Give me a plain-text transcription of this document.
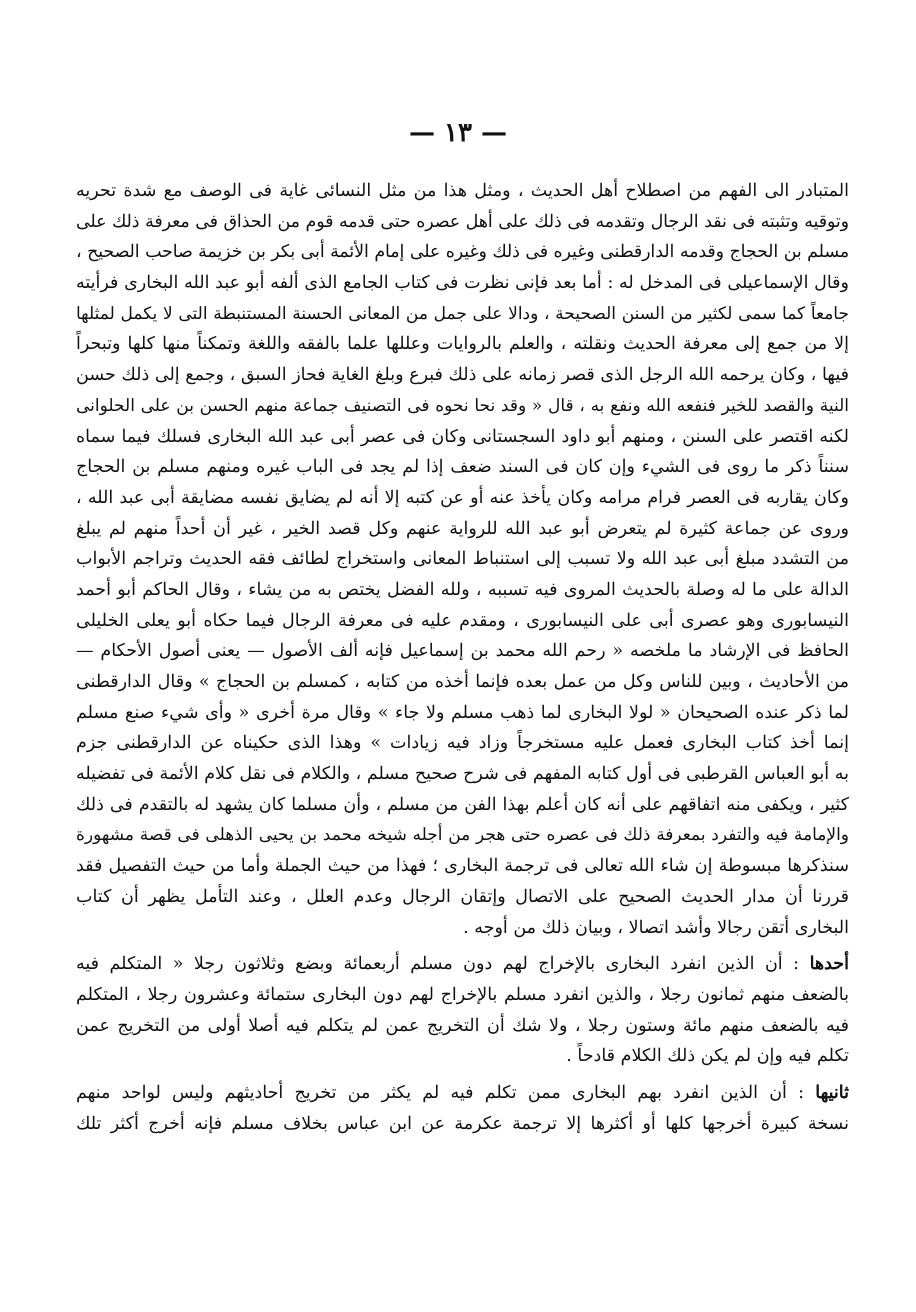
— ١٣ —
المتبادر الى الفهم من اصطلاح أهل الحديث ، ومثل هذا من مثل النسائى غاية فى الوصف مع شدة تحريه
وتوقيه وتثبته فى نقد الرجال وتقدمه فى ذلك على أهل عصره حتى قدمه قوم من الحذاق فى معرفة ذلك على
مسلم بن الحجاج وقدمه الدارقطنى وغيره فى ذلك وغيره على إمام الأئمة أبى بكر بن خزيمة صاحب الصحيح ،
وقال الإسماعيلى فى المدخل له : أما بعد فإنى نظرت فى كتاب الجامع الذى ألفه أبو عبد الله البخارى فرأيته
جامعاً كما سمى لكثير من السنن الصحيحة ، ودالا على جمل من المعانى الحسنة المستنبطة التى لا يكمل لمثلها
إلا من جمع إلى معرفة الحديث ونقلته ، والعلم بالروايات وعللها علما بالفقه واللغة وتمكناً منها كلها وتبحراً
فيها ، وكان يرحمه الله الرجل الذى قصر زمانه على ذلك فبرع وبلغ الغاية فحاز السبق ، وجمع إلى ذلك حسن
النية والقصد للخير فنفعه الله ونفع به ، قال « وقد نحا نحوه فى التصنيف جماعة منهم الحسن بن على الحلوانى
لكنه اقتصر على السنن ، ومنهم أبو داود السجستانى وكان فى عصر أبى عبد الله البخارى فسلك فيما سماه
سنناً ذكر ما روى فى الشيء وإن كان فى السند ضعف إذا لم يجد فى الباب غيره ومنهم مسلم بن الحجاج
وكان يقاربه فى العصر فرام مرامه وكان يأخذ عنه أو عن كتبه إلا أنه لم يضايق نفسه مضايقة أبى عبد الله ،
وروى عن جماعة كثيرة لم يتعرض أبو عبد الله للرواية عنهم وكل قصد الخير ، غير أن أحداً منهم لم يبلغ
من التشدد مبلغ أبى عبد الله ولا تسبب إلى استنباط المعانى واستخراج لطائف فقه الحديث وتراجم الأبواب
الدالة على ما له وصلة بالحديث المروى فيه تسببه ، ولله الفضل يختص به من يشاء ، وقال الحاكم أبو أحمد
النيسابورى وهو عصرى أبى على النيسابورى ، ومقدم عليه فى معرفة الرجال فيما حكاه أبو يعلى الخليلى
الحافظ فى الإرشاد ما ملخصه « رحم الله محمد بن إسماعيل فإنه ألف الأصول — يعنى أصول الأحكام —
من الأحاديث ، وبين للناس وكل من عمل بعده فإنما أخذه من كتابه ، كمسلم بن الحجاج » وقال الدارقطنى
لما ذكر عنده الصحيحان « لولا البخارى لما ذهب مسلم ولا جاء » وقال مرة أخرى « وأى شيء صنع مسلم
إنما أخذ كتاب البخارى فعمل عليه مستخرجاً وزاد فيه زيادات » وهذا الذى حكيناه عن الدارقطنى جزم
به أبو العباس القرطبى فى أول كتابه المفهم فى شرح صحيح مسلم ، والكلام فى نقل كلام الأئمة فى تفضيله
كثير ، ويكفى منه اتفاقهم على أنه كان أعلم بهذا الفن من مسلم ، وأن مسلما كان يشهد له بالتقدم فى ذلك
والإمامة فيه والتفرد بمعرفة ذلك فى عصره حتى هجر من أجله شيخه محمد بن يحيى الذهلى فى قصة مشهورة
سنذكرها مبسوطة إن شاء الله تعالى فى ترجمة البخارى ؛ فهذا من حيث الجملة وأما من حيث التفصيل فقد
قررنا أن مدار الحديث الصحيح على الاتصال وإتقان الرجال وعدم العلل ، وعند التأمل يظهر أن كتاب
البخارى أتقن رجالا وأشد اتصالا ، وبيان ذلك من أوجه .
أحدها : أن الذين انفرد البخارى بالإخراج لهم دون مسلم أربعمائة وبضع وثلاثون رجلا « المتكلم فيه
بالضعف منهم ثمانون رجلا ، والذين انفرد مسلم بالإخراج لهم دون البخارى ستمائة وعشرون رجلا ، المتكلم
فيه بالضعف منهم مائة وستون رجلا ، ولا شك أن التخريج عمن لم يتكلم فيه أصلا أولى من التخريج عمن
تكلم فيه وإن لم يكن ذلك الكلام قادحاً .
ثانيها : أن الذين انفرد بهم البخارى ممن تكلم فيه لم يكثر من تخريج أحاديثهم وليس لواحد منهم
نسخة كبيرة أخرجها كلها أو أكثرها إلا ترجمة عكرمة عن ابن عباس بخلاف مسلم فإنه أخرج أكثر تلك
